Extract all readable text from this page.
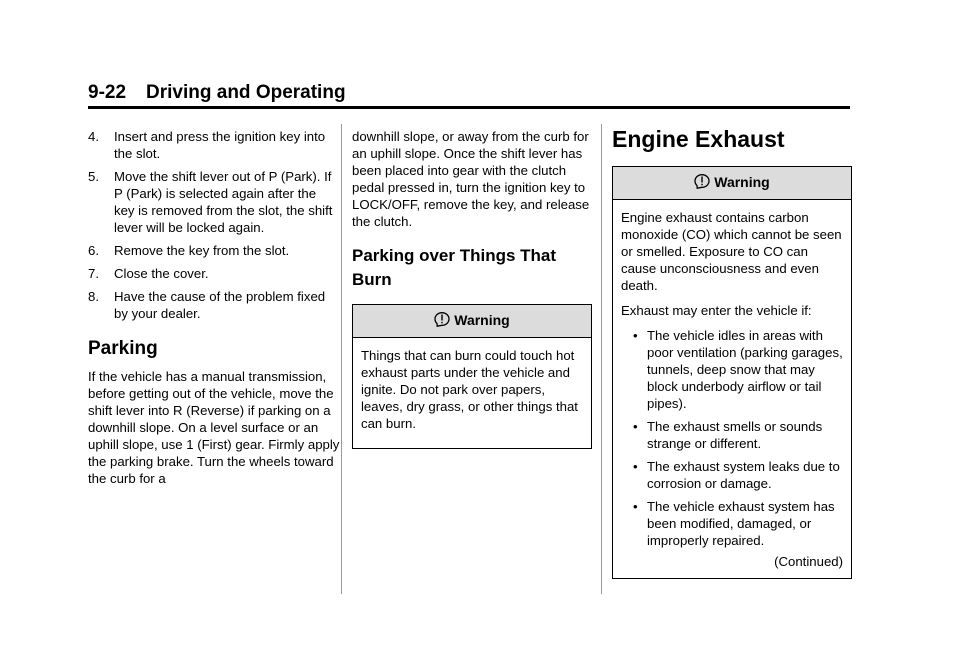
9-22 Driving and Operating
4. Insert and press the ignition key into the slot.
5. Move the shift lever out of P (Park). If P (Park) is selected again after the key is removed from the slot, the shift lever will be locked again.
6. Remove the key from the slot.
7. Close the cover.
8. Have the cause of the problem fixed by your dealer.
Parking

If the vehicle has a manual transmission, before getting out of the vehicle, move the shift lever into R (Reverse) if parking on a downhill slope. On a level surface or an uphill slope, use 1 (First) gear. Firmly apply the parking brake. Turn the wheels toward the curb for a

downhill slope, or away from the curb for an uphill slope. Once the shift lever has been placed into gear with the clutch pedal pressed in, turn the ignition key to LOCK/OFF, remove the key, and release the clutch.

Parking over Things That Burn
Warning

Things that can burn could touch hot exhaust parts under the vehicle and ignite. Do not park over papers, leaves, dry grass, or other things that can burn.

Engine Exhaust
Warning

Engine exhaust contains carbon monoxide (CO) which cannot be seen or smelled. Exposure to CO can cause unconsciousness and even death.

Exhaust may enter the vehicle if:

• The vehicle idles in areas with poor ventilation (parking garages, tunnels, deep snow that may block underbody airflow or tail pipes).
• The exhaust smells or sounds strange or different.
• The exhaust system leaks due to corrosion or damage.
• The vehicle exhaust system has been modified, damaged, or improperly repaired.
(Continued)
